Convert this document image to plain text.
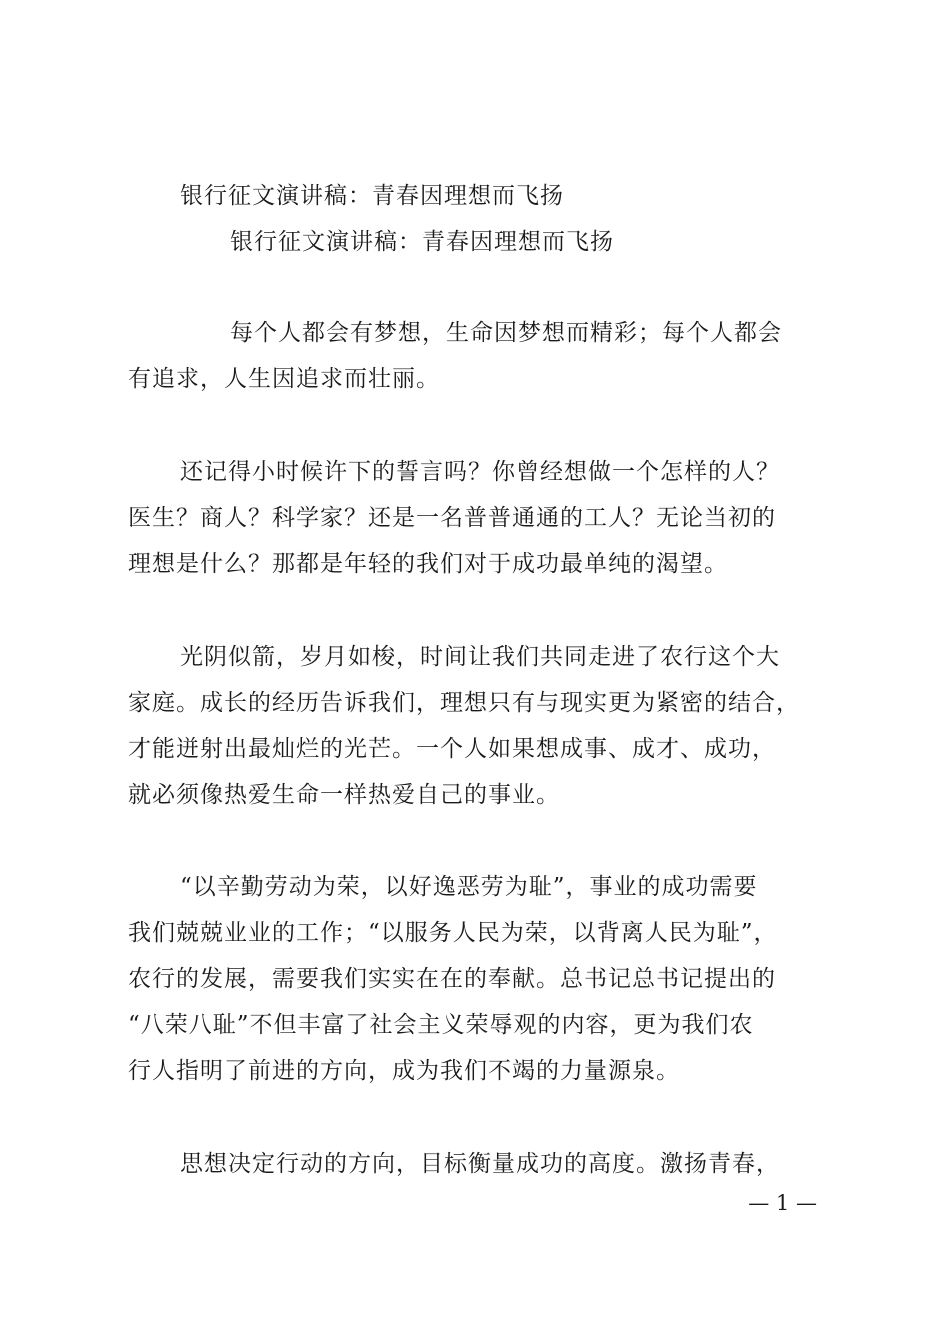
银行征文演讲稿：青春因理想而飞扬
银行征文演讲稿：青春因理想而飞扬
每个人都会有梦想，生命因梦想而精彩；每个人都会
有追求，人生因追求而壮丽。
还记得小时候许下的誓言吗？你曾经想做一个怎样的人？
医生？商人？科学家？还是一名普普通通的工人？无论当初的
理想是什么？那都是年轻的我们对于成功最单纯的渴望。
光阴似箭，岁月如梭，时间让我们共同走进了农行这个大
家庭。成长的经历告诉我们，理想只有与现实更为紧密的结合，
才能迸射出最灿烂的光芒。一个人如果想成事、成才、成功，
就必须像热爱生命一样热爱自己的事业。
“以辛勤劳动为荣，以好逸恶劳为耻”，事业的成功需要
我们兢兢业业的工作；“以服务人民为荣，以背离人民为耻”，
农行的发展，需要我们实实在在的奉献。总书记总书记提出的
“八荣八耻”不但丰富了社会主义荣辱观的内容，更为我们农
行人指明了前进的方向，成为我们不竭的力量源泉。
思想决定行动的方向，目标衡量成功的高度。激扬青春，
— 1 —
